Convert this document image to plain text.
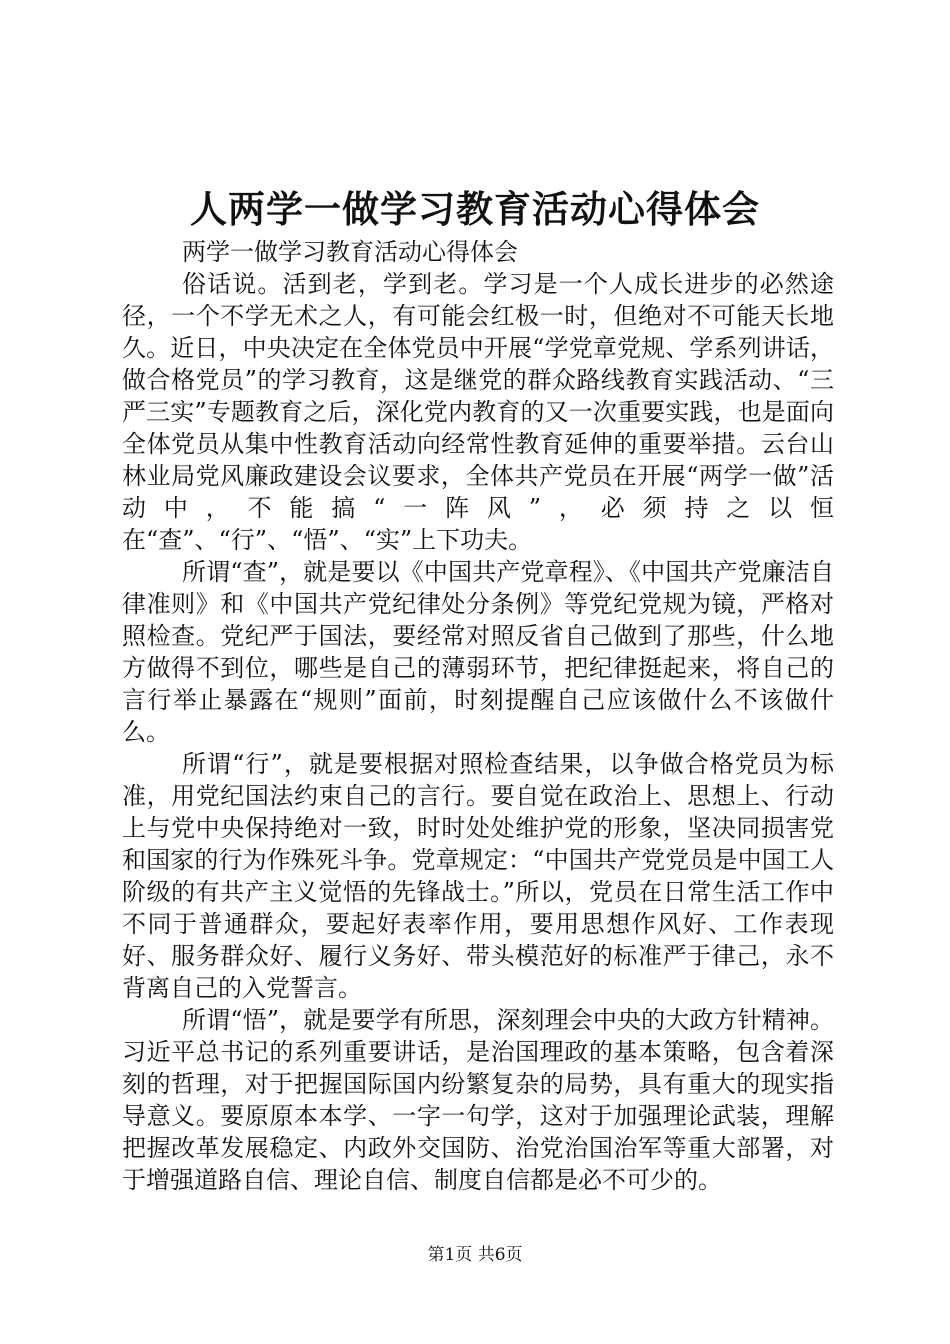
人两学一做学习教育活动心得体会

两学一做学习教育活动心得体会

俗话说。活到老，学到老。学习是一个人成长进步的必然途径，一个不学无术之人，有可能会红极一时，但绝对不可能天长地久。近日，中央决定在全体党员中开展“学党章党规、学系列讲话，做合格党员”的学习教育，这是继党的群众路线教育实践活动、“三严三实”专题教育之后，深化党内教育的又一次重要实践，也是面向全体党员从集中性教育活动向经常性教育延伸的重要举措。云台山林业局党风廉政建设会议要求，全体共产党员在开展“两学一做”活动中，不能搞“一阵风”，必须持之以恒在“查”、“行”、“悟”、“实”上下功夫。

所谓“查”，就是要以《中国共产党章程》、《中国共产党廉洁自律准则》和《中国共产党纪律处分条例》等党纪党规为镜，严格对照检查。党纪严于国法，要经常对照反省自己做到了那些，什么地方做得不到位，哪些是自己的薄弱环节，把纪律挺起来，将自己的言行举止暴露在“规则”面前，时刻提醒自己应该做什么不该做什么。

所谓“行”，就是要根据对照检查结果，以争做合格党员为标准，用党纪国法约束自己的言行。要自觉在政治上、思想上、行动上与党中央保持绝对一致，时时处处维护党的形象，坚决同损害党和国家的行为作殊死斗争。党章规定：“中国共产党党员是中国工人阶级的有共产主义觉悟的先锋战士。”所以，党员在日常生活工作中不同于普通群众，要起好表率作用，要用思想作风好、工作表现好、服务群众好、履行义务好、带头模范好的标准严于律己，永不背离自己的入党誓言。

所谓“悟”，就是要学有所思，深刻理会中央的大政方针精神。习近平总书记的系列重要讲话，是治国理政的基本策略，包含着深刻的哲理，对于把握国际国内纷繁复杂的局势，具有重大的现实指导意义。要原原本本学、一字一句学，这对于加强理论武装，理解把握改革发展稳定、内政外交国防、治党治国治军等重大部署，对于增强道路自信、理论自信、制度自信都是必不可少的。

第1页 共6页
